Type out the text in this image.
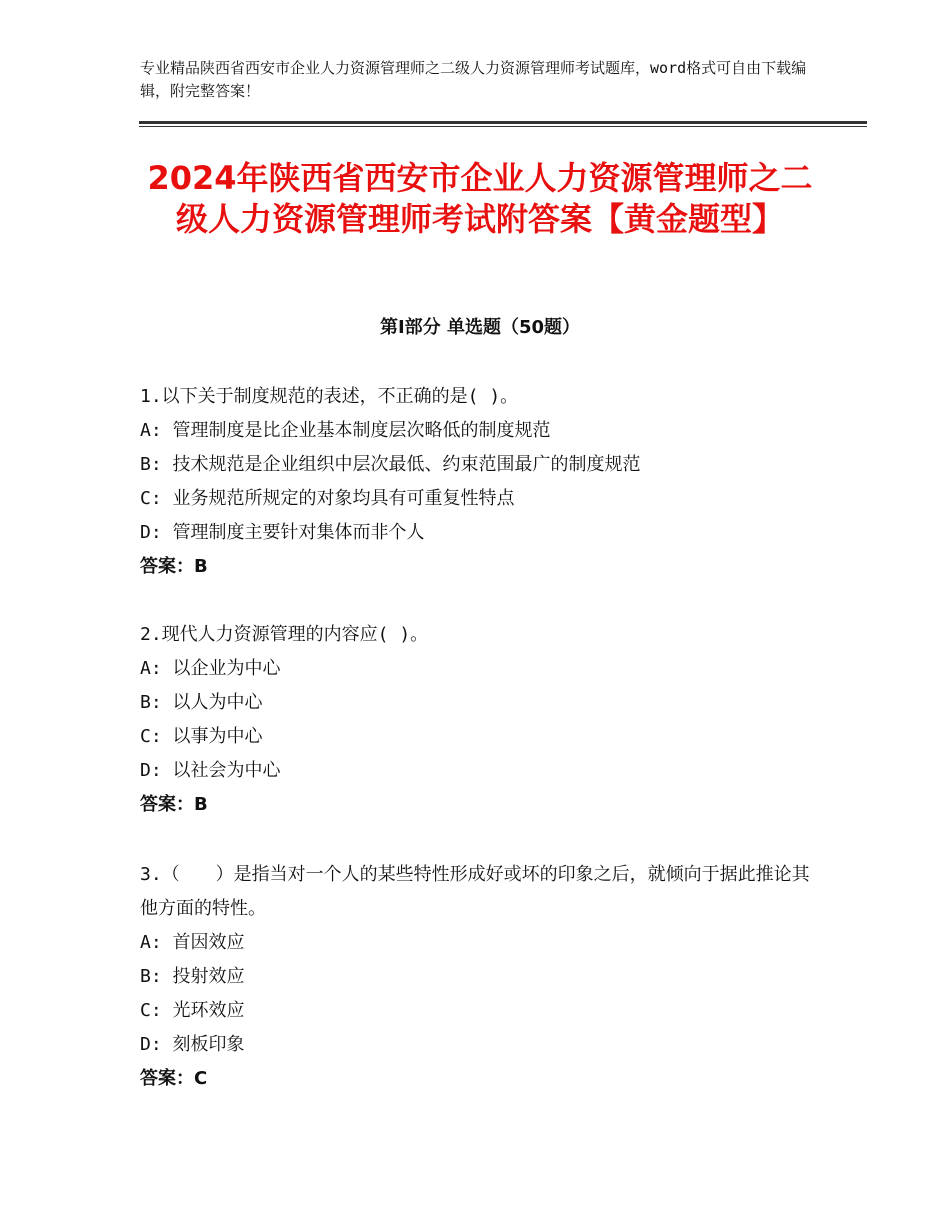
专业精品陕西省西安市企业人力资源管理师之二级人力资源管理师考试题库，word格式可自由下载编辑，附完整答案！
2024年陕西省西安市企业人力资源管理师之二级人力资源管理师考试附答案【黄金题型】
第Ⅰ部分 单选题（50题）
1.以下关于制度规范的表述，不正确的是( )。
A: 管理制度是比企业基本制度层次略低的制度规范
B: 技术规范是企业组织中层次最低、约束范围最广的制度规范
C: 业务规范所规定的对象均具有可重复性特点
D: 管理制度主要针对集体而非个人
答案：B
2.现代人力资源管理的内容应( )。
A: 以企业为中心
B: 以人为中心
C: 以事为中心
D: 以社会为中心
答案：B
3.（　　）是指当对一个人的某些特性形成好或坏的印象之后，就倾向于据此推论其他方面的特性。
A: 首因效应
B: 投射效应
C: 光环效应
D: 刻板印象
答案：C
